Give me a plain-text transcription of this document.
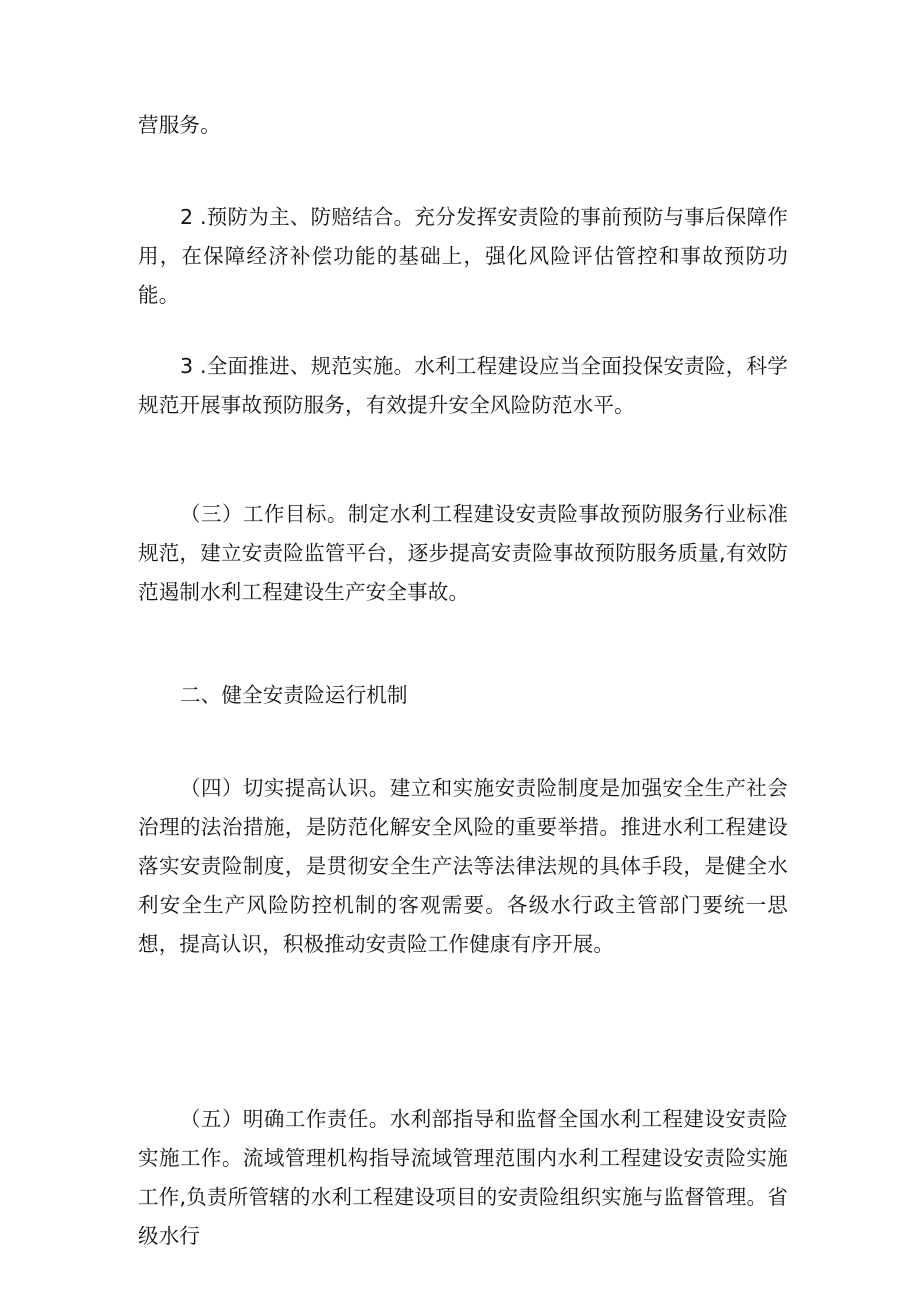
营服务。

2 .预防为主、防赔结合。充分发挥安责险的事前预防与事后保障作用，在保障经济补偿功能的基础上，强化风险评估管控和事故预防功能。

3 .全面推进、规范实施。水利工程建设应当全面投保安责险，科学规范开展事故预防服务，有效提升安全风险防范水平。

（三）工作目标。制定水利工程建设安责险事故预防服务行业标准规范，建立安责险监管平台，逐步提高安责险事故预防服务质量,有效防范遏制水利工程建设生产安全事故。

二、健全安责险运行机制

（四）切实提高认识。建立和实施安责险制度是加强安全生产社会治理的法治措施，是防范化解安全风险的重要举措。推进水利工程建设落实安责险制度，是贯彻安全生产法等法律法规的具体手段，是健全水利安全生产风险防控机制的客观需要。各级水行政主管部门要统一思想，提高认识，积极推动安责险工作健康有序开展。

（五）明确工作责任。水利部指导和监督全国水利工程建设安责险实施工作。流域管理机构指导流域管理范围内水利工程建设安责险实施工作,负责所管辖的水利工程建设项目的安责险组织实施与监督管理。省级水行
